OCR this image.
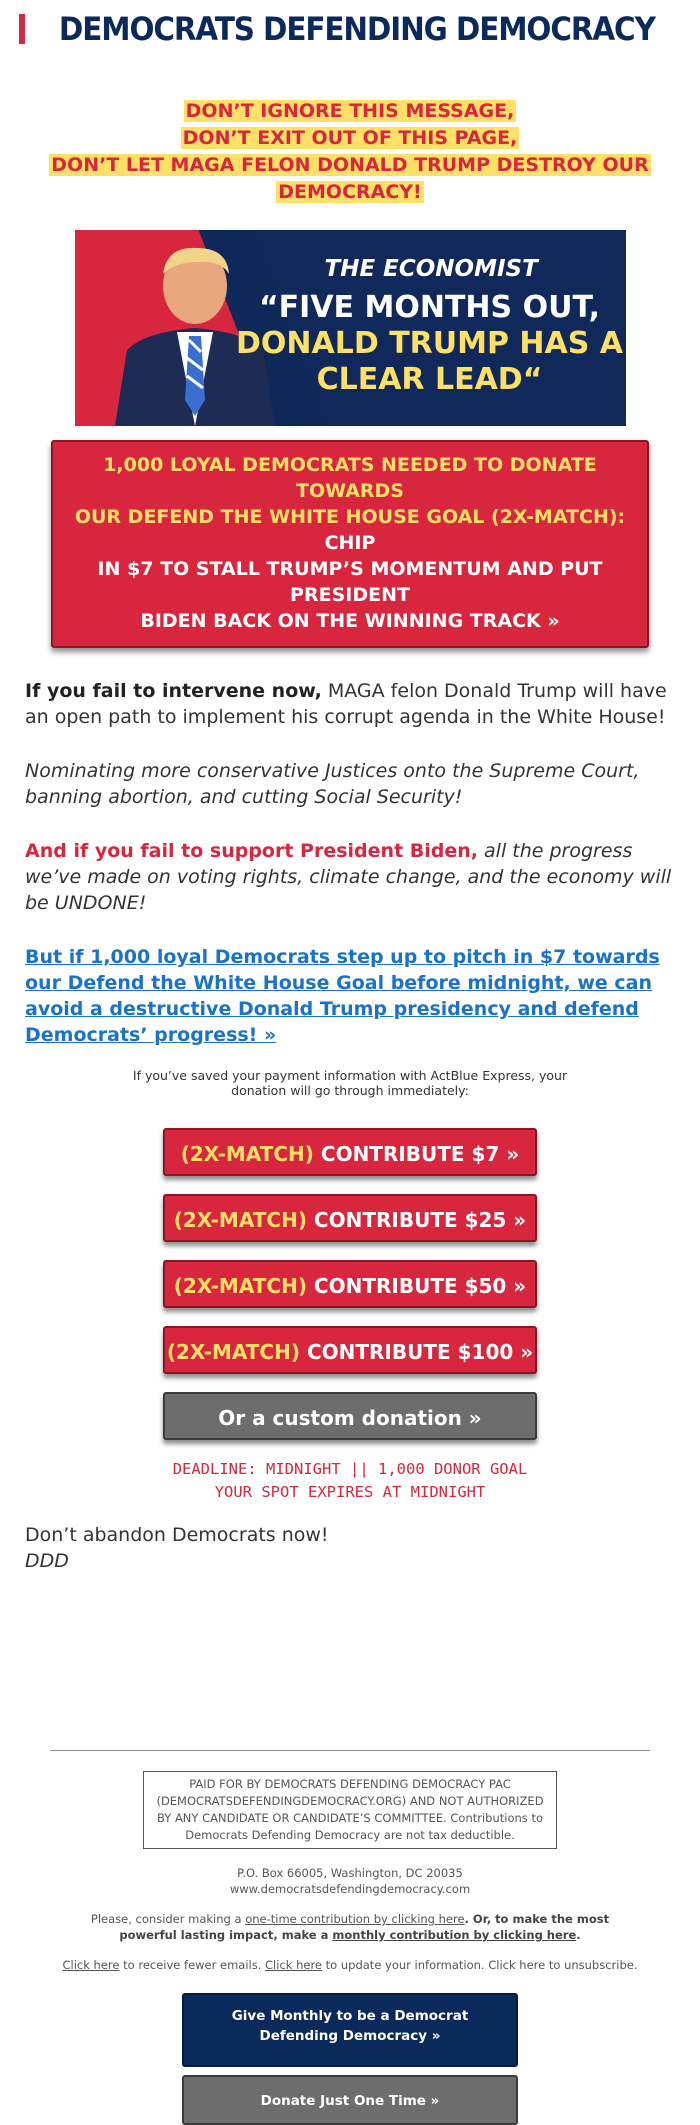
DEMOCRATS DEFENDING DEMOCRACY
DON’T IGNORE THIS MESSAGE,
DON’T EXIT OUT OF THIS PAGE,
DON’T LET MAGA FELON DONALD TRUMP DESTROY OUR
DEMOCRACY!
THE ECONOMIST
“FIVE MONTHS OUT,
DONALD TRUMP HAS A
CLEAR LEAD“
1,000 LOYAL DEMOCRATS NEEDED TO DONATE TOWARDS
OUR DEFEND THE WHITE HOUSE GOAL (2X-MATCH): CHIP
IN $7 TO STALL TRUMP’S MOMENTUM AND PUT PRESIDENT
BIDEN BACK ON THE WINNING TRACK »

If you fail to intervene now, MAGA felon Donald Trump will have an open path to implement his corrupt agenda in the White House!

Nominating more conservative Justices onto the Supreme Court, banning abortion, and cutting Social Security!

And if you fail to support President Biden, all the progress we’ve made on voting rights, climate change, and the economy will be UNDONE!

But if 1,000 loyal Democrats step up to pitch in $7 towards our Defend the White House Goal before midnight, we can avoid a destructive Donald Trump presidency and defend Democrats’ progress! »

If you’ve saved your payment information with ActBlue Express, your donation will go through immediately:
(2X-MATCH) CONTRIBUTE $7 »
(2X-MATCH) CONTRIBUTE $25 »
(2X-MATCH) CONTRIBUTE $50 »
(2X-MATCH) CONTRIBUTE $100 »
Or a custom donation »
DEADLINE: MIDNIGHT || 1,000 DONOR GOAL
YOUR SPOT EXPIRES AT MIDNIGHT
Don’t abandon Democrats now!
DDD
PAID FOR BY DEMOCRATS DEFENDING DEMOCRACY PAC (DEMOCRATSDEFENDINGDEMOCRACY.ORG) AND NOT AUTHORIZED BY ANY CANDIDATE OR CANDIDATE’S COMMITTEE. Contributions to Democrats Defending Democracy are not tax deductible.
P.O. Box 66005, Washington, DC 20035
www.democratsdefendingdemocracy.com
Please, consider making a one-time contribution by clicking here. Or, to make the most powerful lasting impact, make a monthly contribution by clicking here.
Click here to receive fewer emails. Click here to update your information. Click here to unsubscribe.
Give Monthly to be a Democrat Defending Democracy »
Donate Just One Time »
